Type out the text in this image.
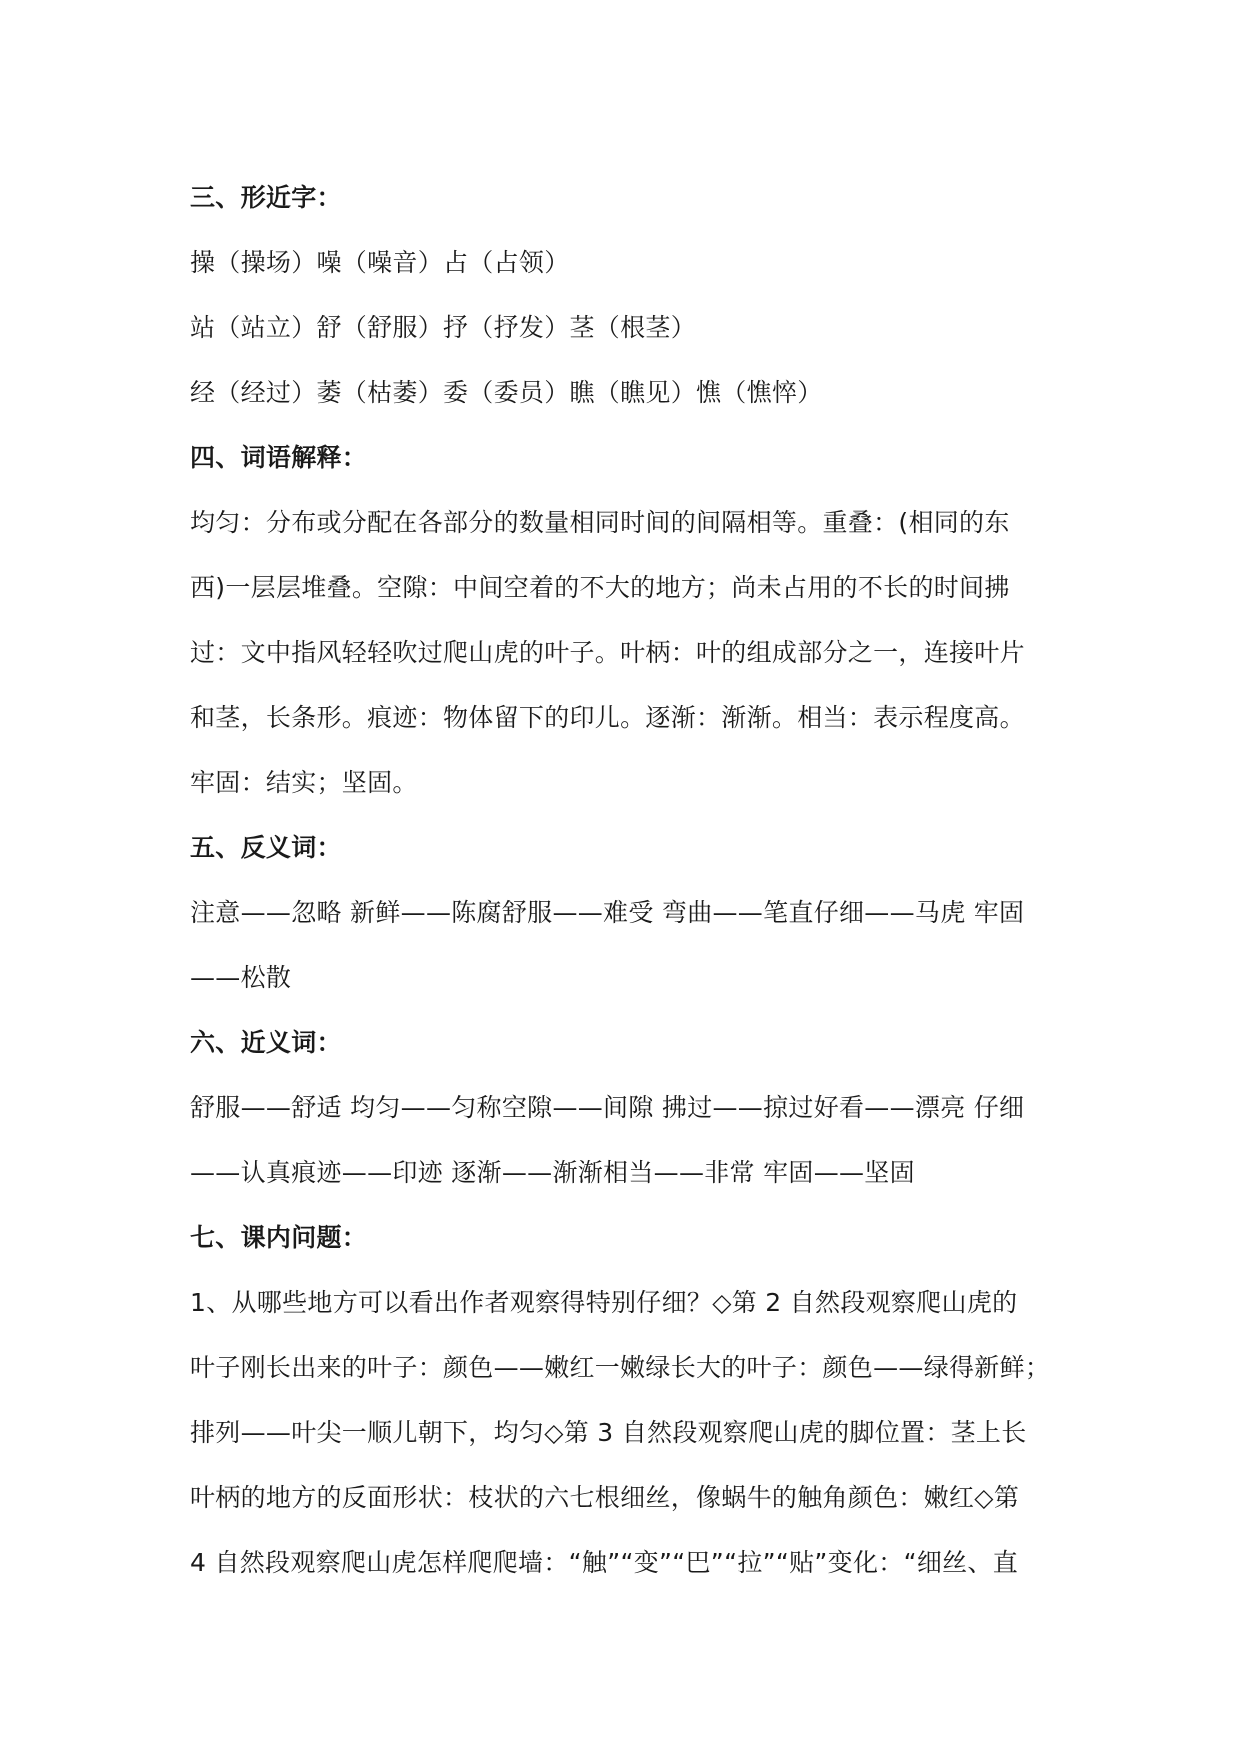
三、形近字：
操（操场）噪（噪音）占（占领）
站（站立）舒（舒服）抒（抒发）茎（根茎）
经（经过）萎（枯萎）委（委员）瞧（瞧见）憔（憔悴）
四、词语解释：
均匀：分布或分配在各部分的数量相同时间的间隔相等。重叠：(相同的东
西)一层层堆叠。空隙：中间空着的不大的地方；尚未占用的不长的时间拂
过：文中指风轻轻吹过爬山虎的叶子。叶柄：叶的组成部分之一，连接叶片
和茎，长条形。痕迹：物体留下的印儿。逐渐：渐渐。相当：表示程度高。
牢固：结实；坚固。
五、反义词：
注意——忽略 新鲜——陈腐舒服——难受 弯曲——笔直仔细——马虎 牢固
——松散
六、近义词：
舒服——舒适 均匀——匀称空隙——间隙 拂过——掠过好看——漂亮 仔细
——认真痕迹——印迹 逐渐——渐渐相当——非常 牢固——坚固
七、课内问题：
1、从哪些地方可以看出作者观察得特别仔细？◇第 2 自然段观察爬山虎的
叶子刚长出来的叶子：颜色——嫩红一嫩绿长大的叶子：颜色——绿得新鲜；
排列——叶尖一顺儿朝下，均匀◇第 3 自然段观察爬山虎的脚位置：茎上长
叶柄的地方的反面形状：枝状的六七根细丝，像蜗牛的触角颜色：嫩红◇第
4 自然段观察爬山虎怎样爬爬墙：“触”“变”“巴”“拉”“贴”变化：“细丝、直
